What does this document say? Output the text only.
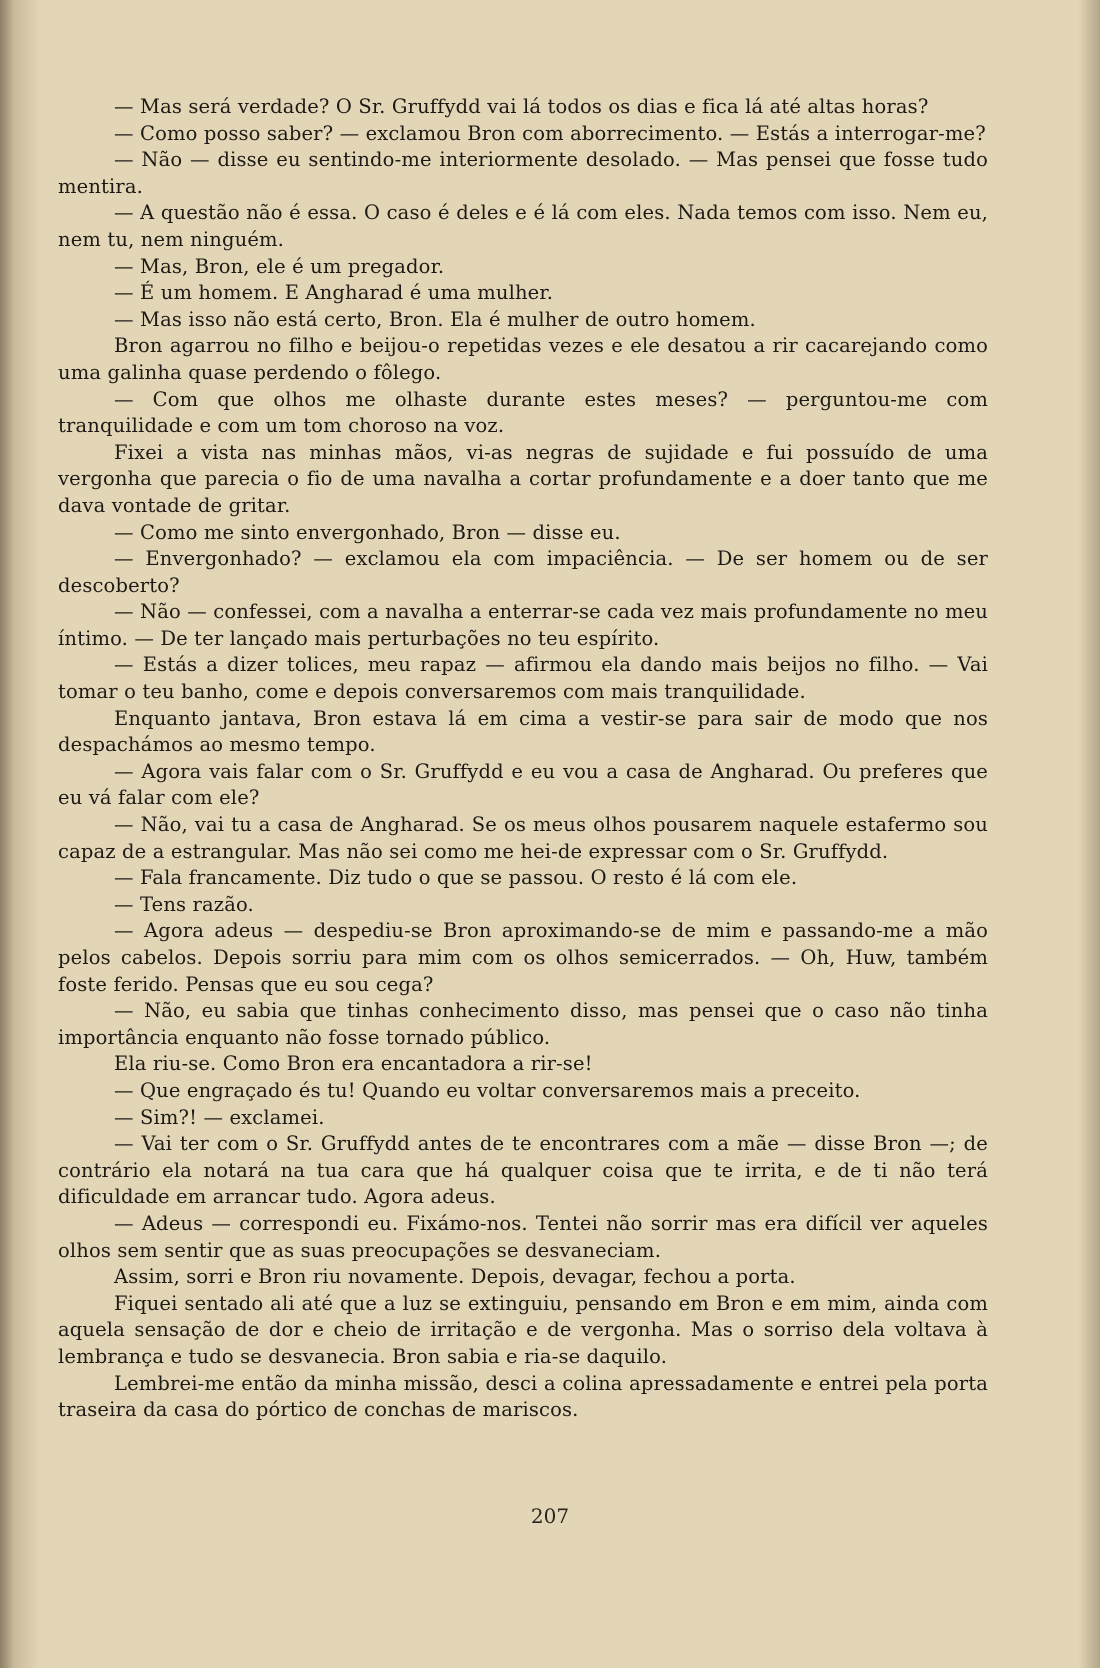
— Mas será verdade? O Sr. Gruffydd vai lá todos os dias e fica lá até altas horas?

— Como posso saber? — exclamou Bron com aborrecimento. — Estás a interrogar-me?

— Não — disse eu sentindo-me interiormente desolado. — Mas pensei que fosse tudo mentira.

— A questão não é essa. O caso é deles e é lá com eles. Nada temos com isso. Nem eu, nem tu, nem ninguém.

— Mas, Bron, ele é um pregador.

— É um homem. E Angharad é uma mulher.

— Mas isso não está certo, Bron. Ela é mulher de outro homem.

Bron agarrou no filho e beijou-o repetidas vezes e ele desatou a rir cacarejando como uma galinha quase perdendo o fôlego.

— Com que olhos me olhaste durante estes meses? — perguntou-me com tranquilidade e com um tom choroso na voz.

Fixei a vista nas minhas mãos, vi-as negras de sujidade e fui possuído de uma vergonha que parecia o fio de uma navalha a cortar profundamente e a doer tanto que me dava vontade de gritar.

— Como me sinto envergonhado, Bron — disse eu.

— Envergonhado? — exclamou ela com impaciência. — De ser homem ou de ser descoberto?

— Não — confessei, com a navalha a enterrar-se cada vez mais profundamente no meu íntimo. — De ter lançado mais perturbações no teu espírito.

— Estás a dizer tolices, meu rapaz — afirmou ela dando mais beijos no filho. — Vai tomar o teu banho, come e depois conversaremos com mais tranquilidade.

Enquanto jantava, Bron estava lá em cima a vestir-se para sair de modo que nos despachámos ao mesmo tempo.

— Agora vais falar com o Sr. Gruffydd e eu vou a casa de Angharad. Ou preferes que eu vá falar com ele?

— Não, vai tu a casa de Angharad. Se os meus olhos pousarem naquele estafermo sou capaz de a estrangular. Mas não sei como me hei-de expressar com o Sr. Gruffydd.

— Fala francamente. Diz tudo o que se passou. O resto é lá com ele.

— Tens razão.

— Agora adeus — despediu-se Bron aproximando-se de mim e passando-me a mão pelos cabelos. Depois sorriu para mim com os olhos semicerrados. — Oh, Huw, também foste ferido. Pensas que eu sou cega?

— Não, eu sabia que tinhas conhecimento disso, mas pensei que o caso não tinha importância enquanto não fosse tornado público.

Ela riu-se. Como Bron era encantadora a rir-se!

— Que engraçado és tu! Quando eu voltar conversaremos mais a preceito.

— Sim?! — exclamei.

— Vai ter com o Sr. Gruffydd antes de te encontrares com a mãe — disse Bron —; de contrário ela notará na tua cara que há qualquer coisa que te irrita, e de ti não terá dificuldade em arrancar tudo. Agora adeus.

— Adeus — correspondi eu. Fixámo-nos. Tentei não sorrir mas era difícil ver aqueles olhos sem sentir que as suas preocupações se desvaneciam.

Assim, sorri e Bron riu novamente. Depois, devagar, fechou a porta.

Fiquei sentado ali até que a luz se extinguiu, pensando em Bron e em mim, ainda com aquela sensação de dor e cheio de irritação e de vergonha. Mas o sorriso dela voltava à lembrança e tudo se desvanecia. Bron sabia e ria-se daquilo.

Lembrei-me então da minha missão, desci a colina apressadamente e entrei pela porta traseira da casa do pórtico de conchas de mariscos.

207
